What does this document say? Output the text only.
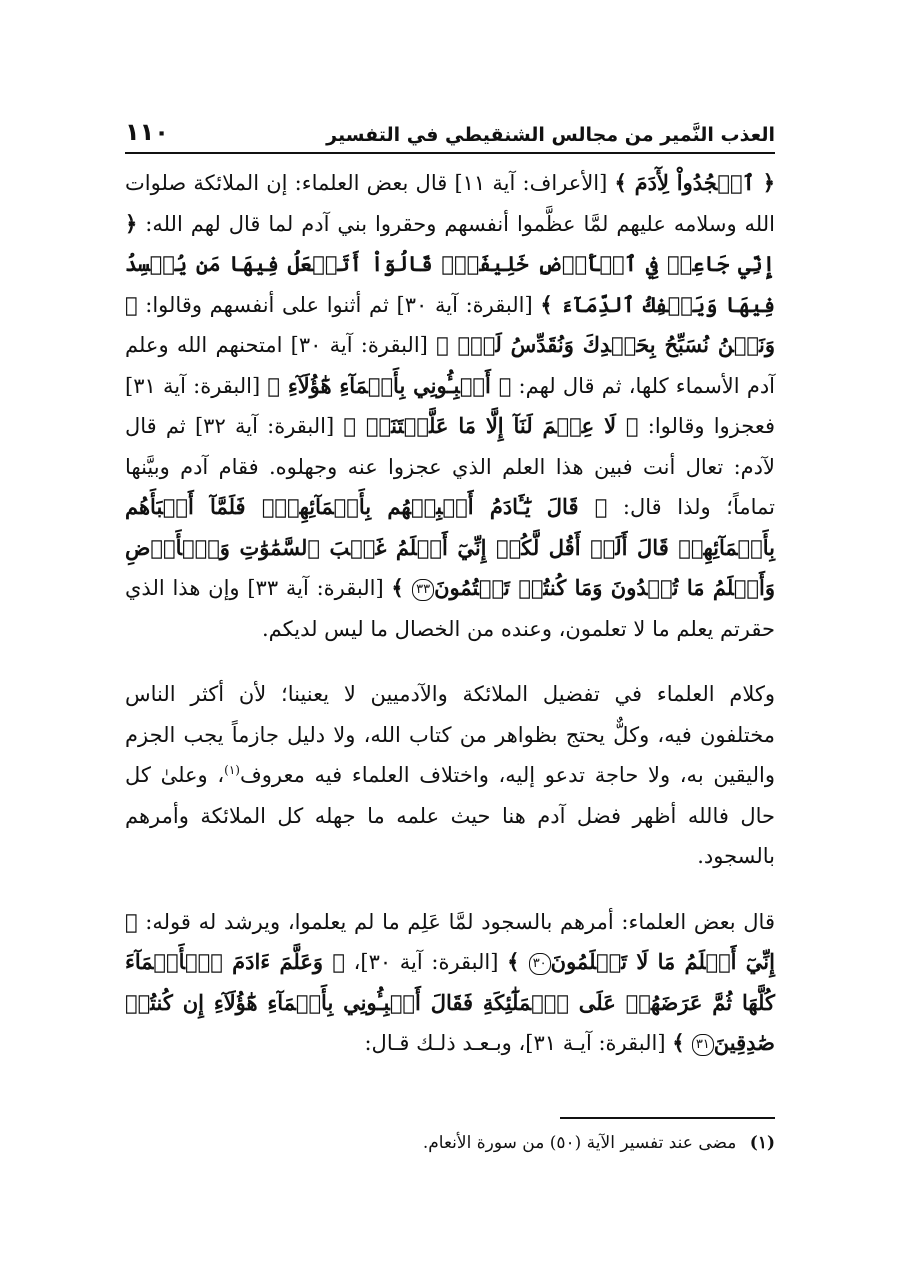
العذب النَّمير من مجالس الشنقيطي في التفسير
١١٠

﴿ ٱسۡجُدُواْ لِأٓدَمَ ﴾ [الأعراف: آية ١١] قال بعض العلماء: إن الملائكة صلوات الله وسلامه عليهم لمَّا عظَّموا أنفسهم وحقروا بني آدم لما قال لهم الله: ﴿ إِنِّي جَاعِلٞ فِي ٱلۡأَرۡضِ خَلِيفَةٗۖ قَالُوٓاْ أَتَجۡعَلُ فِيهَا مَن يُفۡسِدُ فِيهَا وَيَسۡفِكُ ٱلدِّمَآءَ ﴾ [البقرة: آية ٣٠] ثم أثنوا على أنفسهم وقالوا: ﴿ وَنَحۡنُ نُسَبِّحُ بِحَمۡدِكَ وَنُقَدِّسُ لَكَۖ ﴾ [البقرة: آية ٣٠] امتحنهم الله وعلم آدم الأسماء كلها، ثم قال لهم: ﴿ أَنۢبِـُٔونِي بِأَسۡمَآءِ هَٰٓؤُلَآءِ ﴾ [البقرة: آية ٣١] فعجزوا وقالوا: ﴿ لَا عِلۡمَ لَنَآ إِلَّا مَا عَلَّمۡتَنَآۖ ﴾ [البقرة: آية ٣٢] ثم قال لآدم: تعال أنت فبين هذا العلم الذي عجزوا عنه وجهلوه. فقام آدم وبيَّنها تماماً؛ ولذا قال: ﴿ قَالَ يَٰٓـَٔادَمُ أَنۢبِئۡهُم بِأَسۡمَآئِهِمۡۖ فَلَمَّآ أَنۢبَأَهُم بِأَسۡمَآئِهِمۡ قَالَ أَلَمۡ أَقُل لَّكُمۡ إِنِّيٓ أَعۡلَمُ غَيۡبَ ٱلسَّمَٰوَٰتِ وَٱلۡأَرۡضِ وَأَعۡلَمُ مَا تُبۡدُونَ وَمَا كُنتُمۡ تَكۡتُمُونَ٣٣ ﴾ [البقرة: آية ٣٣] وإن هذا الذي حقرتم يعلم ما لا تعلمون، وعنده من الخصال ما ليس لديكم.

وكلام العلماء في تفضيل الملائكة والآدميين لا يعنينا؛ لأن أكثر الناس مختلفون فيه، وكلٌّ يحتج بظواهر من كتاب الله، ولا دليل جازماً يجب الجزم واليقين به، ولا حاجة تدعو إليه، واختلاف العلماء فيه معروف$^{(١)}$، وعلىٰ كل حال فالله أظهر فضل آدم هنا حيث علمه ما جهله كل الملائكة وأمرهم بالسجود.

قال بعض العلماء: أمرهم بالسجود لمَّا عَلِم ما لم يعلموا، ويرشد له قوله: ﴿ إِنِّيٓ أَعۡلَمُ مَا لَا تَعۡلَمُونَ٣٠ ﴾ [البقرة: آية ٣٠]، ﴿ وَعَلَّمَ ءَادَمَ ٱلۡأَسۡمَآءَ كُلَّهَا ثُمَّ عَرَضَهُمۡ عَلَى ٱلۡمَلَٰٓئِكَةِ فَقَالَ أَنۢبِـُٔونِي بِأَسۡمَآءِ هَٰٓؤُلَآءِ إِن كُنتُمۡ صَٰدِقِينَ٣١ ﴾ [البقرة: آيـة ٣١]، وبـعـد ذلـك قـال:

(١) مضى عند تفسير الآية (٥٠) من سورة الأنعام.
